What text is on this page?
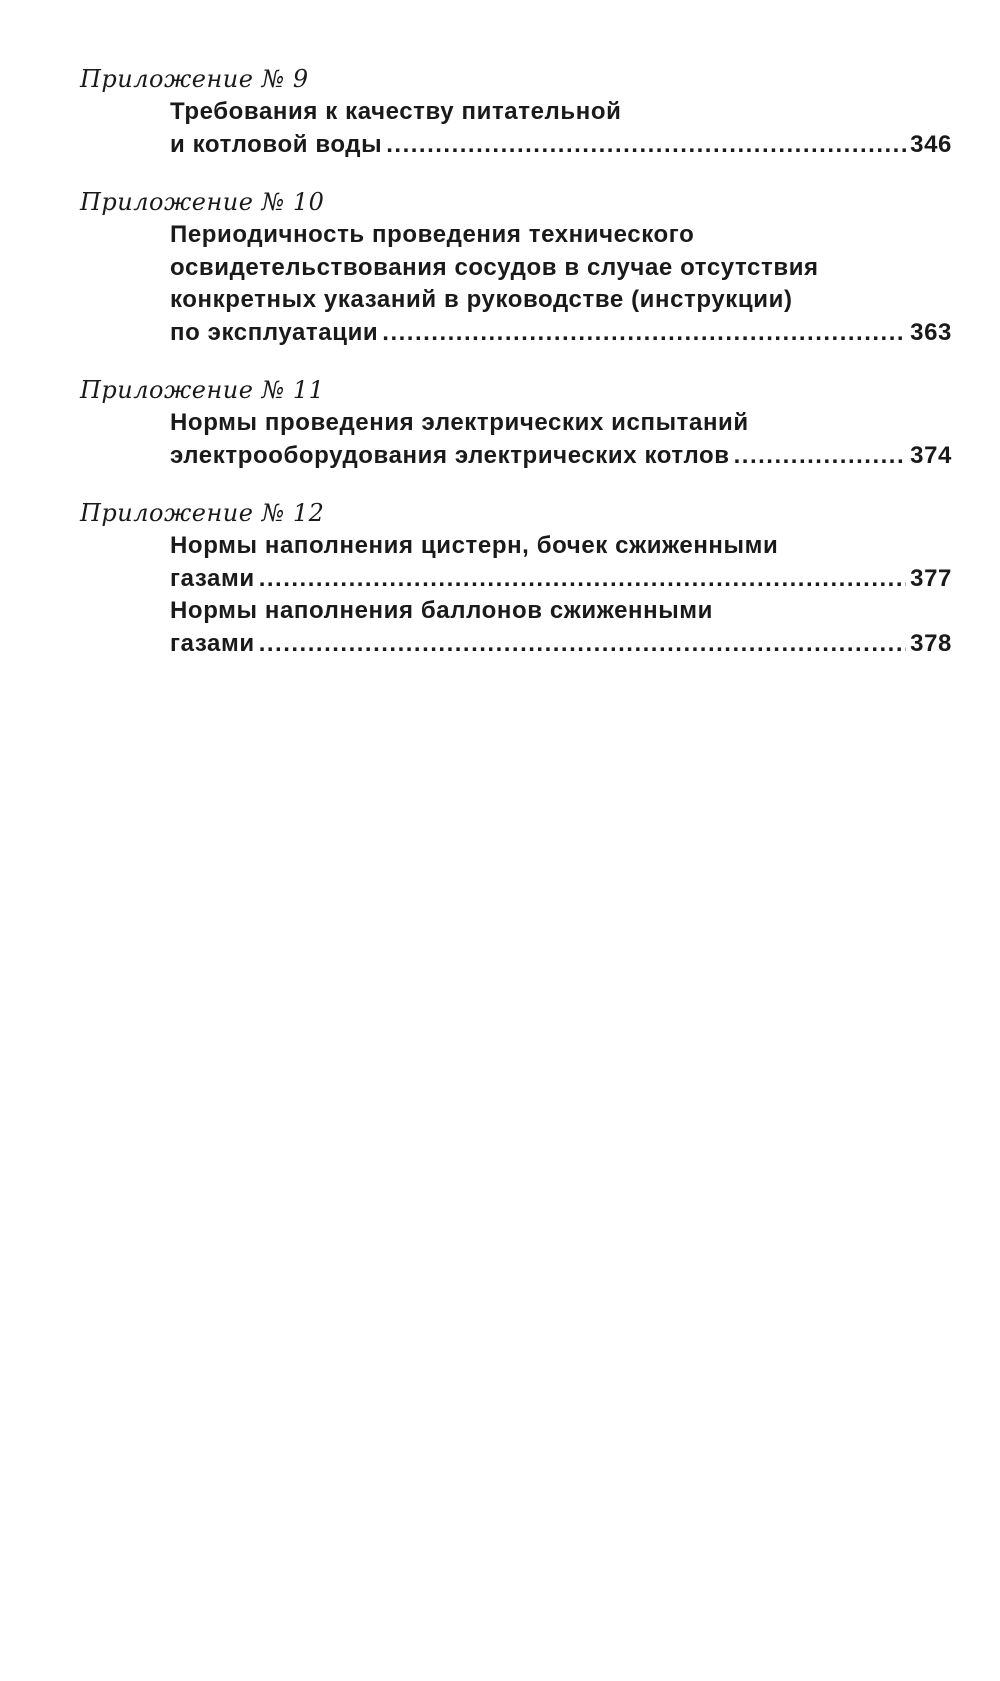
Приложение № 9
Требования к качеству питательной
и котловой воды .....	346
Приложение № 10
Периодичность проведения технического
освидетельствования сосудов в случае отсутствия
конкретных указаний в руководстве (инструкции)
по эксплуатации .....	363
Приложение № 11
Нормы проведения электрических испытаний
электрооборудования электрических котлов .....	374
Приложение № 12
Нормы наполнения цистерн, бочек сжиженными
газами .....	377
Нормы наполнения баллонов сжиженными
газами .....	378
